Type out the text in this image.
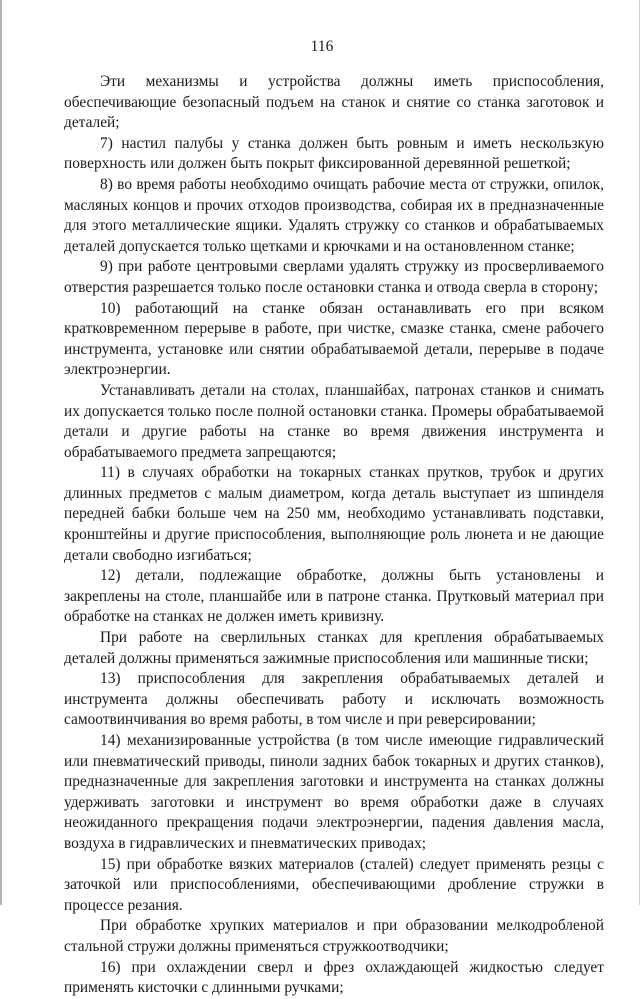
116

Эти механизмы и устройства должны иметь приспособления, обеспечивающие безопасный подъем на станок и снятие со станка заготовок и деталей;

7) настил палубы у станка должен быть ровным и иметь нескользкую поверхность или должен быть покрыт фиксированной деревянной решеткой;

8) во время работы необходимо очищать рабочие места от стружки, опилок, масляных концов и прочих отходов производства, собирая их в предназначенные для этого металлические ящики. Удалять стружку со станков и обрабатываемых деталей допускается только щетками и крючками и на остановленном станке;

9) при работе центровыми сверлами удалять стружку из просверливаемого отверстия разрешается только после остановки станка и отвода сверла в сторону;

10) работающий на станке обязан останавливать его при всяком кратковременном перерыве в работе, при чистке, смазке станка, смене рабочего инструмента, установке или снятии обрабатываемой детали, перерыве в подаче электроэнергии.

Устанавливать детали на столах, планшайбах, патронах станков и снимать их допускается только после полной остановки станка. Промеры обрабатываемой детали и другие работы на станке во время движения инструмента и обрабатываемого предмета запрещаются;

11) в случаях обработки на токарных станках прутков, трубок и других длинных предметов с малым диаметром, когда деталь выступает из шпинделя передней бабки больше чем на 250 мм, необходимо устанавливать подставки, кронштейны и другие приспособления, выполняющие роль люнета и не дающие детали свободно изгибаться;

12) детали, подлежащие обработке, должны быть установлены и закреплены на столе, планшайбе или в патроне станка. Прутковый материал при обработке на станках не должен иметь кривизну.

При работе на сверлильных станках для крепления обрабатываемых деталей должны применяться зажимные приспособления или машинные тиски;

13) приспособления для закрепления обрабатываемых деталей и инструмента должны обеспечивать работу и исключать возможность самоотвинчивания во время работы, в том числе и при реверсировании;

14) механизированные устройства (в том числе имеющие гидравлический или пневматический приводы, пиноли задних бабок токарных и других станков), предназначенные для закрепления заготовки и инструмента на станках должны удерживать заготовки и инструмент во время обработки даже в случаях неожиданного прекращения подачи электроэнергии, падения давления масла, воздуха в гидравлических и пневматических приводах;

15) при обработке вязких материалов (сталей) следует применять резцы с заточкой или приспособлениями, обеспечивающими дробление стружки в процессе резания.

При обработке хрупких материалов и при образовании мелкодробленой стальной стружи должны применяться стружкоотводчики;

16) при охлаждении сверл и фрез охлаждающей жидкостью следует применять кисточки с длинными ручками;
